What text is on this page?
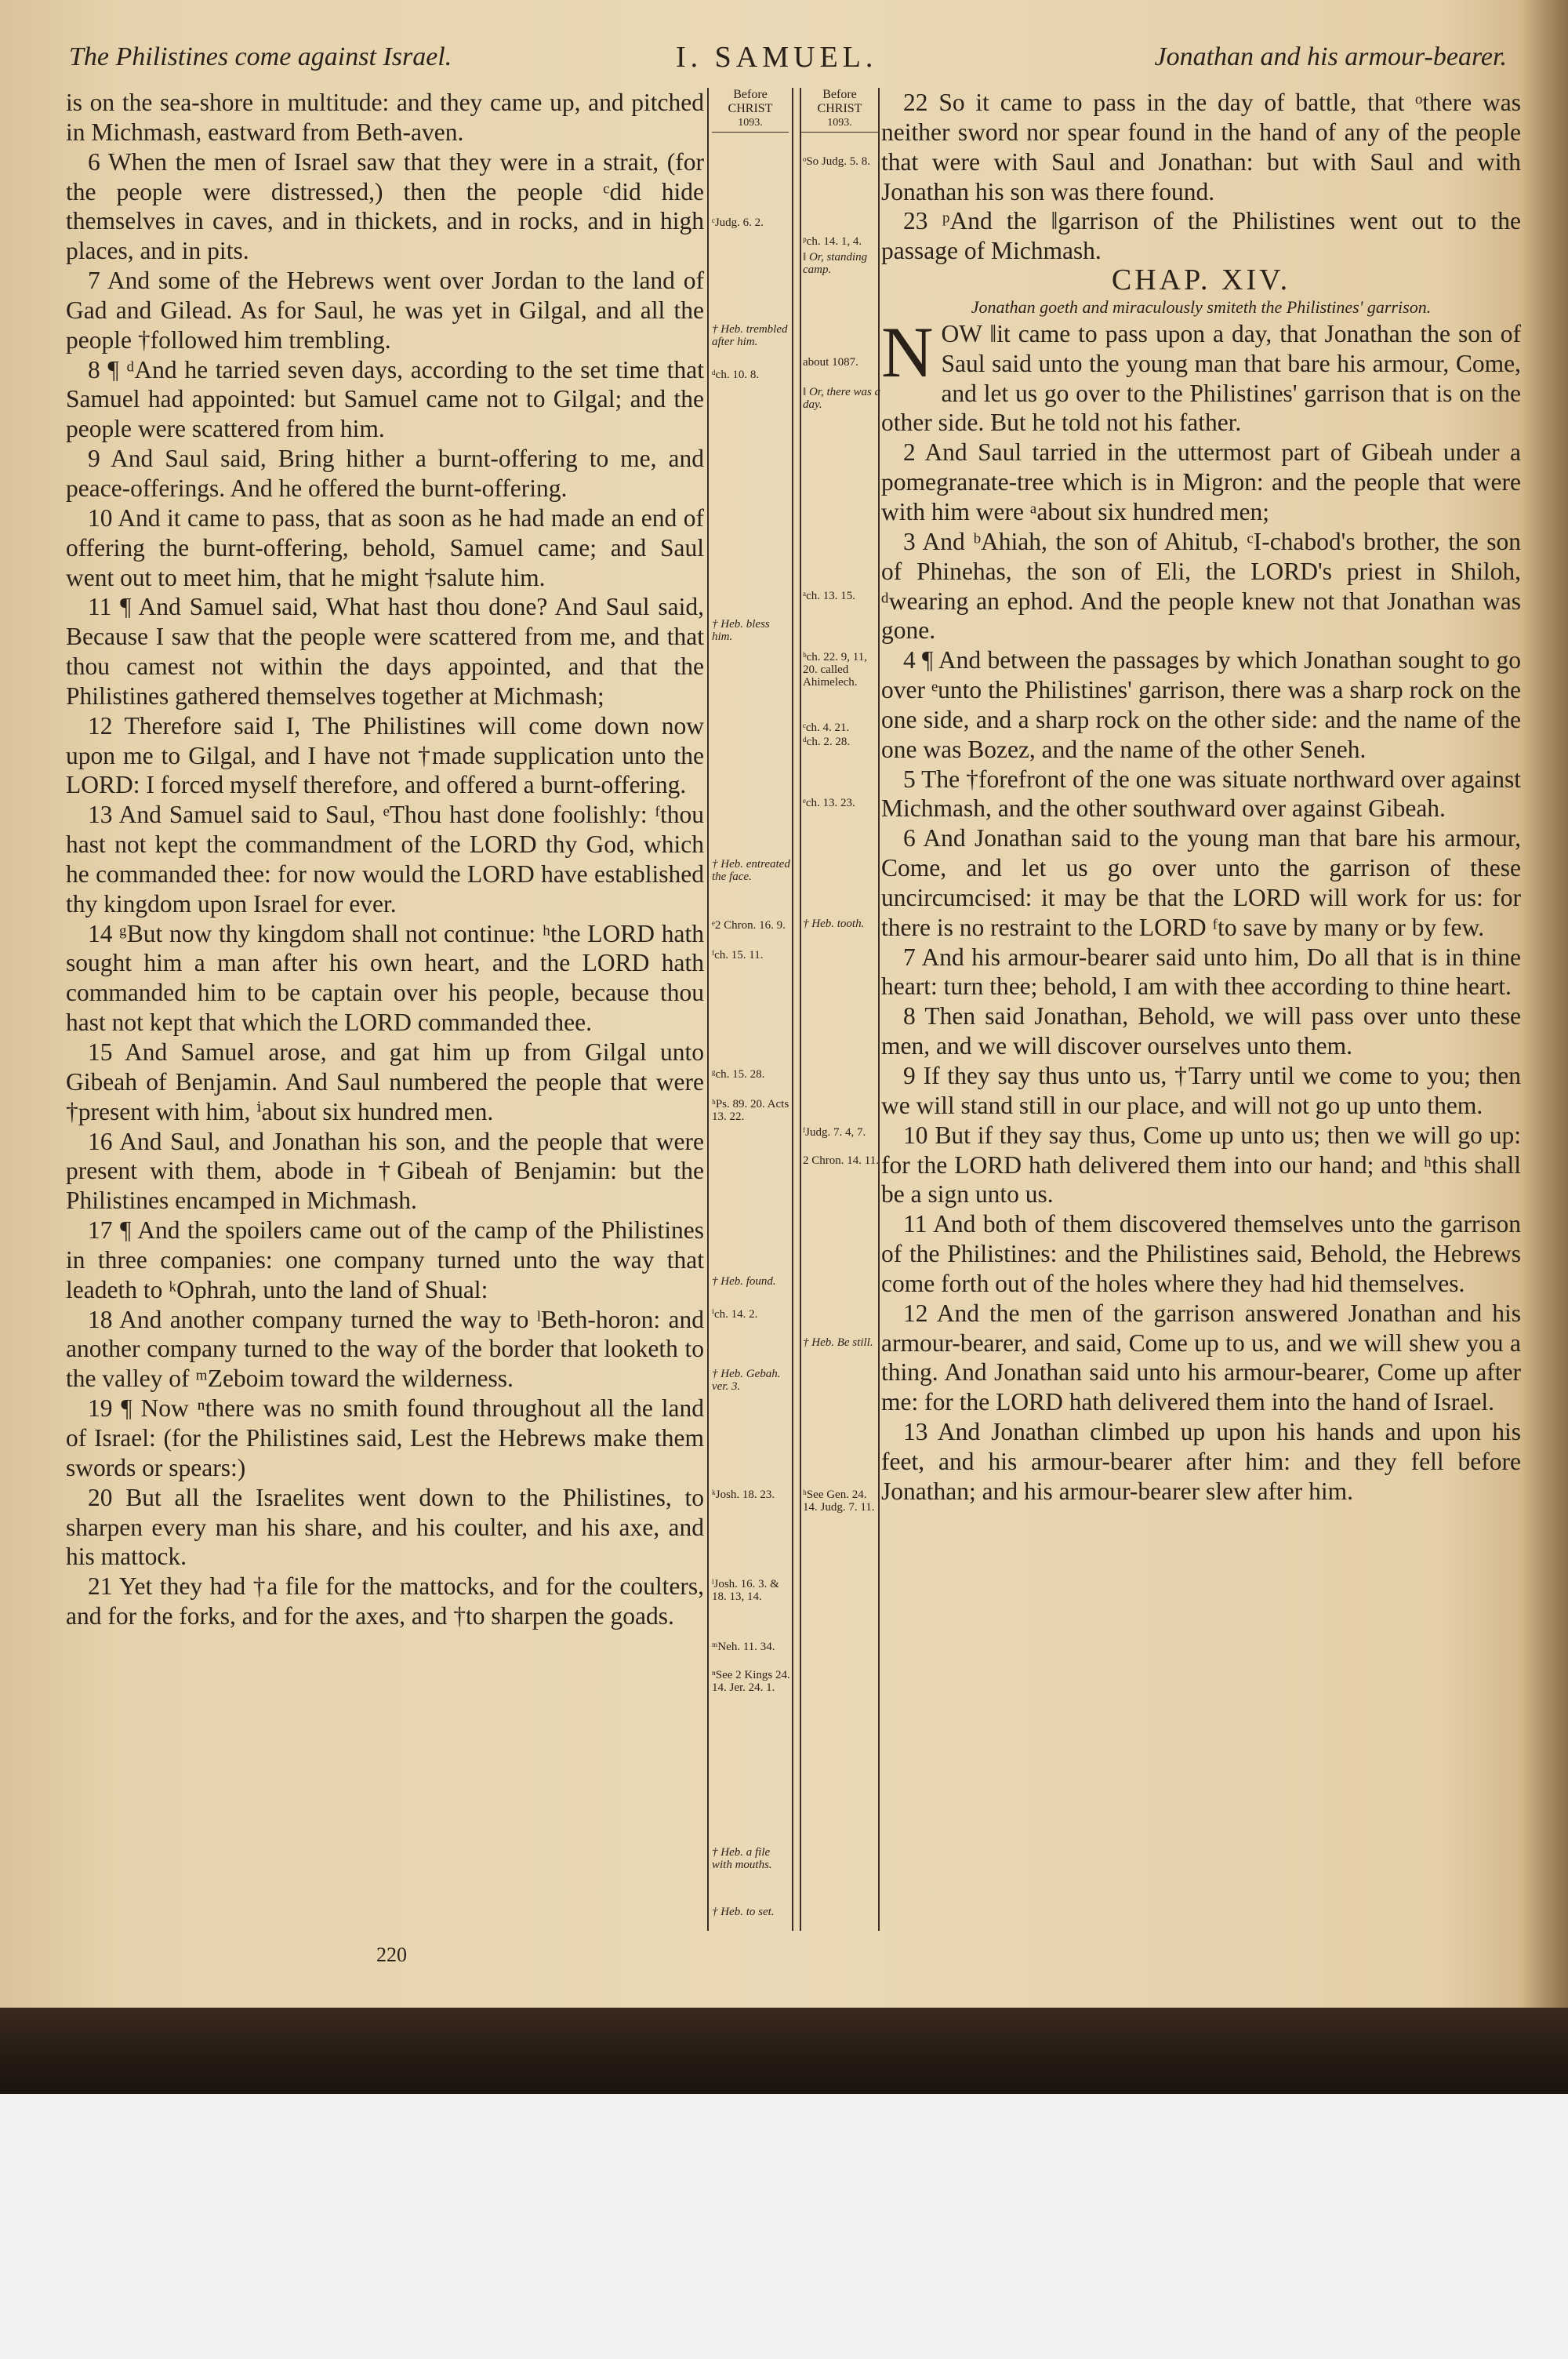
The Philistines come against Israel.	I. SAMUEL.	Jonathan and his armour-bearer.
Before CHRIST
1093.
Before CHRIST
1093.

is on the sea-shore in multitude: and they came up, and pitched in Michmash, eastward from Beth-aven.

6 When the men of Israel saw that they were in a strait, (for the people were distressed,) then the people ᶜdid hide themselves in caves, and in thickets, and in rocks, and in high places, and in pits.

7 And some of the Hebrews went over Jordan to the land of Gad and Gilead. As for Saul, he was yet in Gilgal, and all the people †followed him trembling.

8 ¶ ᵈAnd he tarried seven days, according to the set time that Samuel had appointed: but Samuel came not to Gilgal; and the people were scattered from him.

9 And Saul said, Bring hither a burnt-offering to me, and peace-offerings. And he offered the burnt-offering.

10 And it came to pass, that as soon as he had made an end of offering the burnt-offering, behold, Samuel came; and Saul went out to meet him, that he might †salute him.

11 ¶ And Samuel said, What hast thou done? And Saul said, Because I saw that the people were scattered from me, and that thou camest not within the days appointed, and that the Philistines gathered themselves together at Michmash;

12 Therefore said I, The Philistines will come down now upon me to Gilgal, and I have not †made supplication unto the LORD: I forced myself therefore, and offered a burnt-offering.

13 And Samuel said to Saul, ᵉThou hast done foolishly: ᶠthou hast not kept the commandment of the LORD thy God, which he commanded thee: for now would the LORD have established thy kingdom upon Israel for ever.

14 ᵍBut now thy kingdom shall not continue: ʰthe LORD hath sought him a man after his own heart, and the LORD hath commanded him to be captain over his people, because thou hast not kept that which the LORD commanded thee.

15 And Samuel arose, and gat him up from Gilgal unto Gibeah of Benjamin. And Saul numbered the people that were †present with him, ⁱabout six hundred men.

16 And Saul, and Jonathan his son, and the people that were present with them, abode in †Gibeah of Benjamin: but the Philistines encamped in Michmash.

17 ¶ And the spoilers came out of the camp of the Philistines in three companies: one company turned unto the way that leadeth to ᵏOphrah, unto the land of Shual:

18 And another company turned the way to ˡBeth-horon: and another company turned to the way of the border that looketh to the valley of ᵐZeboim toward the wilderness.

19 ¶ Now ⁿthere was no smith found throughout all the land of Israel: (for the Philistines said, Lest the Hebrews make them swords or spears:)

20 But all the Israelites went down to the Philistines, to sharpen every man his share, and his coulter, and his axe, and his mattock.

21 Yet they had †a file for the mattocks, and for the coulters, and for the forks, and for the axes, and †to sharpen the goads.

ᶜJudg. 6. 2.
† Heb. trembled after him.
ᵈch. 10. 8.
† Heb. bless him.
† Heb. entreated the face.
ᵉ2 Chron. 16. 9.
ᶠch. 15. 11.
ᵍch. 15. 28.
ʰPs. 89. 20. Acts 13. 22.
† Heb. found.
ⁱch. 14. 2.
† Heb. Gebah. ver. 3.
ᵏJosh. 18. 23.
ˡJosh. 16. 3. & 18. 13, 14.
ᵐNeh. 11. 34.
ⁿSee 2 Kings 24. 14. Jer. 24. 1.
† Heb. a file with mouths.
† Heb. to set.
ᵒSo Judg. 5. 8.
ᵖch. 14. 1, 4.
‖ Or, standing camp.
about 1087.
‖ Or, there was a day.
ᵃch. 13. 15.
ᵇch. 22. 9, 11, 20. called Ahimelech.
ᶜch. 4. 21.
ᵈch. 2. 28.
ᵉch. 13. 23.
† Heb. tooth.
ᶠJudg. 7. 4, 7.
2 Chron. 14. 11.
† Heb. Be still.
ʰSee Gen. 24. 14. Judg. 7. 11.

22 So it came to pass in the day of battle, that ᵒthere was neither sword nor spear found in the hand of any of the people that were with Saul and Jonathan: but with Saul and with Jonathan his son was there found.

23 ᵖAnd the ‖garrison of the Philistines went out to the passage of Michmash.

CHAP. XIV.

Jonathan goeth and miraculously smiteth the Philistines' garrison.

NOW ‖it came to pass upon a day, that Jonathan the son of Saul said unto the young man that bare his armour, Come, and let us go over to the Philistines' garrison that is on the other side. But he told not his father.

2 And Saul tarried in the uttermost part of Gibeah under a pomegranate-tree which is in Migron: and the people that were with him were ᵃabout six hundred men;

3 And ᵇAhiah, the son of Ahitub, ᶜI-chabod's brother, the son of Phinehas, the son of Eli, the LORD's priest in Shiloh, ᵈwearing an ephod. And the people knew not that Jonathan was gone.

4 ¶ And between the passages by which Jonathan sought to go over ᵉunto the Philistines' garrison, there was a sharp rock on the one side, and a sharp rock on the other side: and the name of the one was Bozez, and the name of the other Seneh.

5 The †forefront of the one was situate northward over against Michmash, and the other southward over against Gibeah.

6 And Jonathan said to the young man that bare his armour, Come, and let us go over unto the garrison of these uncircumcised: it may be that the LORD will work for us: for there is no restraint to the LORD ᶠto save by many or by few.

7 And his armour-bearer said unto him, Do all that is in thine heart: turn thee; behold, I am with thee according to thine heart.

8 Then said Jonathan, Behold, we will pass over unto these men, and we will discover ourselves unto them.

9 If they say thus unto us, †Tarry until we come to you; then we will stand still in our place, and will not go up unto them.

10 But if they say thus, Come up unto us; then we will go up: for the LORD hath delivered them into our hand; and ʰthis shall be a sign unto us.

11 And both of them discovered themselves unto the garrison of the Philistines: and the Philistines said, Behold, the Hebrews come forth out of the holes where they had hid themselves.

12 And the men of the garrison answered Jonathan and his armour-bearer, and said, Come up to us, and we will shew you a thing. And Jonathan said unto his armour-bearer, Come up after me: for the LORD hath delivered them into the hand of Israel.

13 And Jonathan climbed up upon his hands and upon his feet, and his armour-bearer after him: and they fell before Jonathan; and his armour-bearer slew after him.

220
